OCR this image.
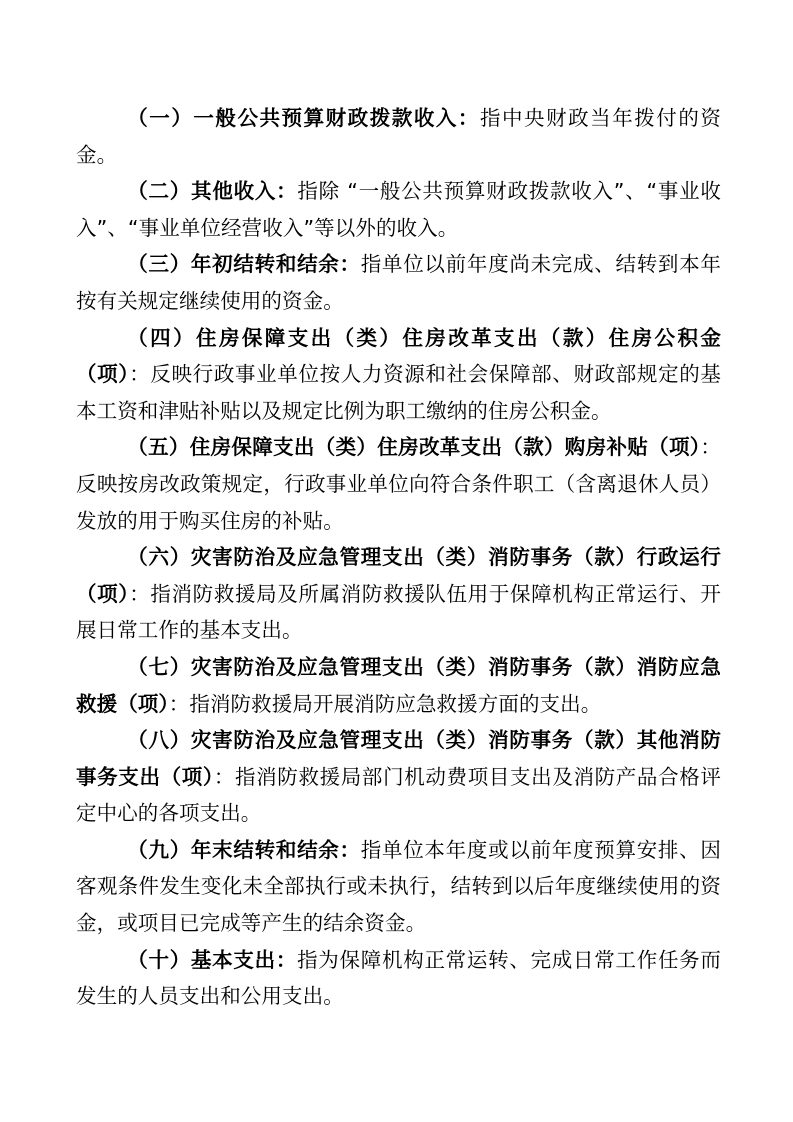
（一）一般公共预算财政拨款收入：指中央财政当年拨付的资金。

（二）其他收入：指除 “一般公共预算财政拨款收入”、“事业收入”、“事业单位经营收入”等以外的收入。

（三）年初结转和结余：指单位以前年度尚未完成、结转到本年按有关规定继续使用的资金。

（四）住房保障支出（类）住房改革支出（款）住房公积金（项）：反映行政事业单位按人力资源和社会保障部、财政部规定的基本工资和津贴补贴以及规定比例为职工缴纳的住房公积金。

（五）住房保障支出（类）住房改革支出（款）购房补贴（项）：反映按房改政策规定，行政事业单位向符合条件职工（含离退休人员）发放的用于购买住房的补贴。

（六）灾害防治及应急管理支出（类）消防事务（款）行政运行（项）：指消防救援局及所属消防救援队伍用于保障机构正常运行、开展日常工作的基本支出。

（七）灾害防治及应急管理支出（类）消防事务（款）消防应急救援（项）：指消防救援局开展消防应急救援方面的支出。

（八）灾害防治及应急管理支出（类）消防事务（款）其他消防事务支出（项）：指消防救援局部门机动费项目支出及消防产品合格评定中心的各项支出。

（九）年末结转和结余：指单位本年度或以前年度预算安排、因客观条件发生变化未全部执行或未执行，结转到以后年度继续使用的资金，或项目已完成等产生的结余资金。

（十）基本支出：指为保障机构正常运转、完成日常工作任务而发生的人员支出和公用支出。
